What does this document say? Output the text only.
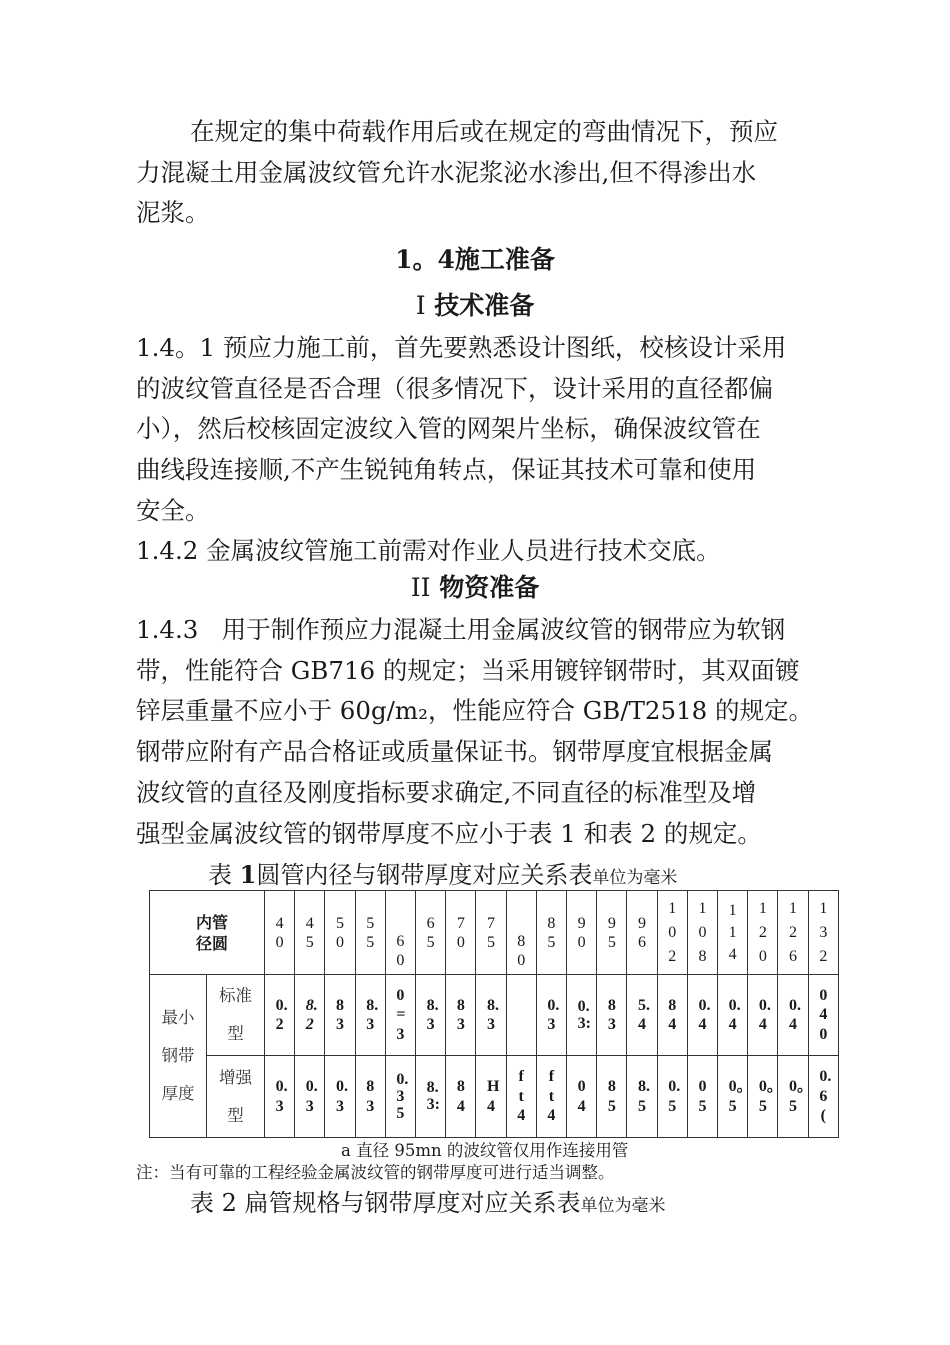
在规定的集中荷载作用后或在规定的弯曲情况下，预应
力混凝土用金属波纹管允许水泥浆泌水渗出,但不得渗出水
泥浆。
1。4施工准备
I 技术准备
1.4。1 预应力施工前，首先要熟悉设计图纸，校核设计采用
的波纹管直径是否合理（很多情况下，设计采用的直径都偏
小），然后校核固定波纹入管的网架片坐标，确保波纹管在
曲线段连接顺,不产生锐钝角转点，保证其技术可靠和使用
安全。
1.4.2 金属波纹管施工前需对作业人员进行技术交底。
II 物资准备
1.4.3   用于制作预应力混凝土用金属波纹管的钢带应为软钢
带，性能符合 GB716 的规定；当采用镀锌钢带时，其双面镀
锌层重量不应小于 60g/m₂，性能应符合 GB/T2518 的规定。
钢带应附有产品合格证或质量保证书。钢带厚度宜根据金属
波纹管的直径及刚度指标要求确定,不同直径的标准型及增
强型金属波纹管的钢带厚度不应小于表 1 和表 2 的规定。
表 1圆管内径与钢带厚度对应关系表单位为毫米
内管径圆		40	45	50	55	60	65	70	75	80	85	90	95	96	102	108	114	120	126	132
最小钢带厚度	标准型	0.2	8.2	83	8.3	0=3	8.3	83	8.3		0.3	0.3:	83	5.4	84	0.4	0.4	0.4	0.4	040
	增强型	0.3	0.3	0.3	83	0.35	8.3:	84	H4	ft4	ft4	04	85	8.5	0.5	05	0。5	0。5	0。5	0.6(
a 直径 95mn 的波纹管仅用作连接用管
注：当有可靠的工程经验金属波纹管的钢带厚度可进行适当调整。
表 2 扁管规格与钢带厚度对应关系表单位为毫米
